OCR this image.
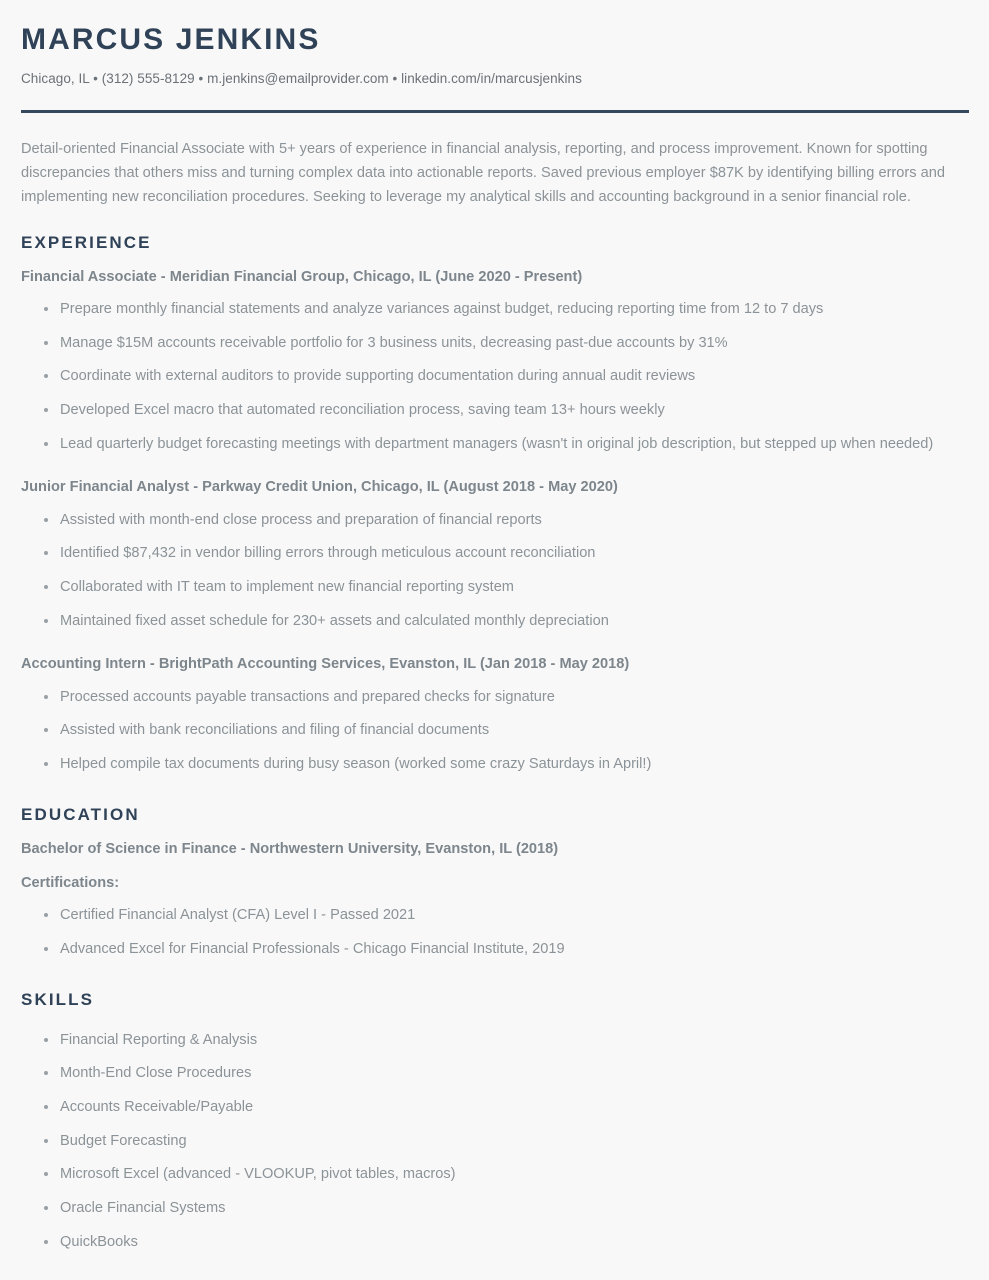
MARCUS JENKINS
Chicago, IL • (312) 555-8129 • m.jenkins@emailprovider.com • linkedin.com/in/marcusjenkins

Detail-oriented Financial Associate with 5+ years of experience in financial analysis, reporting, and process improvement. Known for spotting discrepancies that others miss and turning complex data into actionable reports. Saved previous employer $87K by identifying billing errors and implementing new reconciliation procedures. Seeking to leverage my analytical skills and accounting background in a senior financial role.

EXPERIENCE
Financial Associate - Meridian Financial Group, Chicago, IL (June 2020 - Present)
Prepare monthly financial statements and analyze variances against budget, reducing reporting time from 12 to 7 days
Manage $15M accounts receivable portfolio for 3 business units, decreasing past-due accounts by 31%
Coordinate with external auditors to provide supporting documentation during annual audit reviews
Developed Excel macro that automated reconciliation process, saving team 13+ hours weekly
Lead quarterly budget forecasting meetings with department managers (wasn't in original job description, but stepped up when needed)
Junior Financial Analyst - Parkway Credit Union, Chicago, IL (August 2018 - May 2020)
Assisted with month-end close process and preparation of financial reports
Identified $87,432 in vendor billing errors through meticulous account reconciliation
Collaborated with IT team to implement new financial reporting system
Maintained fixed asset schedule for 230+ assets and calculated monthly depreciation
Accounting Intern - BrightPath Accounting Services, Evanston, IL (Jan 2018 - May 2018)
Processed accounts payable transactions and prepared checks for signature
Assisted with bank reconciliations and filing of financial documents
Helped compile tax documents during busy season (worked some crazy Saturdays in April!)
EDUCATION
Bachelor of Science in Finance - Northwestern University, Evanston, IL (2018)
Certifications:
Certified Financial Analyst (CFA) Level I - Passed 2021
Advanced Excel for Financial Professionals - Chicago Financial Institute, 2019
SKILLS
Financial Reporting & Analysis
Month-End Close Procedures
Accounts Receivable/Payable
Budget Forecasting
Microsoft Excel (advanced - VLOOKUP, pivot tables, macros)
Oracle Financial Systems
QuickBooks
